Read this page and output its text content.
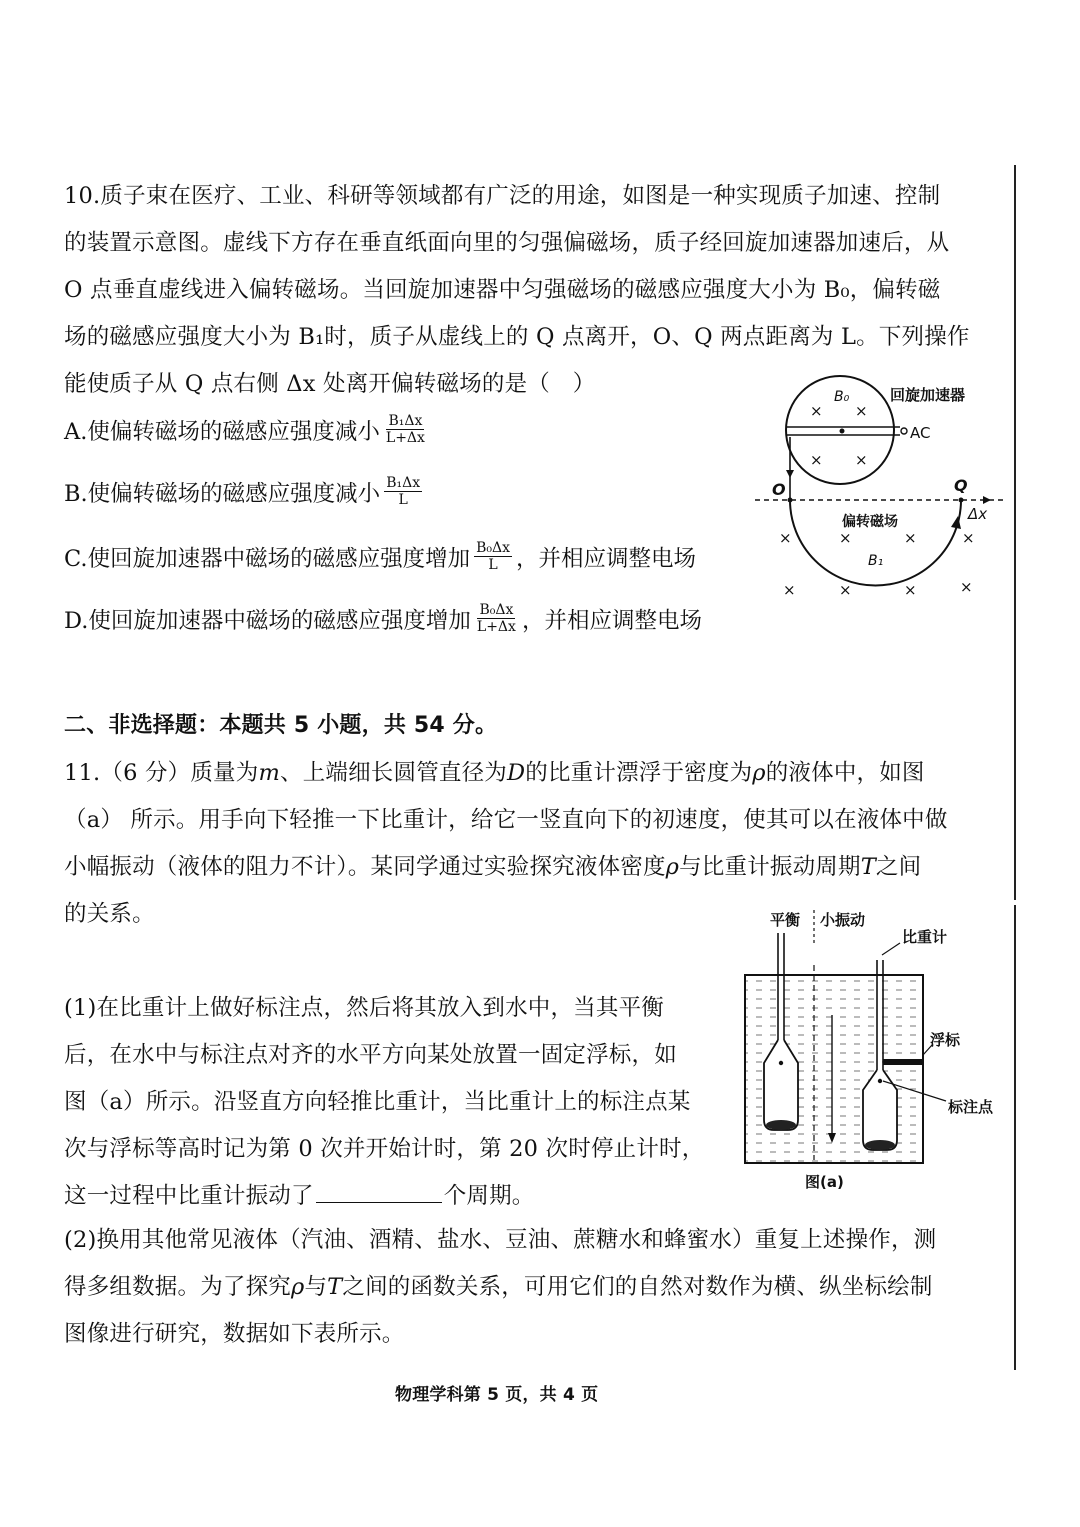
10.质子束在医疗、工业、科研等领域都有广泛的用途，如图是一种实现质子加速、控制
的装置示意图。虚线下方存在垂直纸面向里的匀强偏磁场，质子经回旋加速器加速后，从
O 点垂直虚线进入偏转磁场。当回旋加速器中匀强磁场的磁感应强度大小为 B₀，偏转磁
场的磁感应强度大小为 B₁时，质子从虚线上的 Q 点离开，O、Q 两点距离为 L。下列操作
能使质子从 Q 点右侧 Δx 处离开偏转磁场的是（　）
A.使偏转磁场的磁感应强度减小 $\frac{\text{B₁Δx}}{L+\Delta x}$
B.使偏转磁场的磁感应强度减小 $\frac{\text{B₁Δx}}{L}$
C.使回旋加速器中磁场的磁感应强度增加 $\frac{\text{B₀Δx}}{L}$ ，并相应调整电场
D.使回旋加速器中磁场的磁感应强度增加 $\frac{\text{B₀Δx}}{L+\Delta x}$ ，并相应调整电场
AC
× ×
× ×
B₀	回旋加速器
O	Q
Δx
偏转磁场
B₁
×	×	×	×
×	×	×	×
二、非选择题：本题共 5 小题，共 54 分。
11.（6 分）质量为m、上端细长圆管直径为D的比重计漂浮于密度为ρ的液体中，如图
（a） 所示。用手向下轻推一下比重计，给它一竖直向下的初速度，使其可以在液体中做
小幅振动（液体的阻力不计）。某同学通过实验探究液体密度ρ与比重计振动周期T之间
的关系。
(1)在比重计上做好标注点，然后将其放入到水中，当其平衡
后，在水中与标注点对齐的水平方向某处放置一固定浮标，如
图（a）所示。沿竖直方向轻推比重计，当比重计上的标注点某
次与浮标等高时记为第 0 次并开始计时，第 20 次时停止计时，
这一过程中比重计振动了	个周期。
(2)换用其他常见液体（汽油、酒精、盐水、豆油、蔗糖水和蜂蜜水）重复上述操作，测
得多组数据。为了探究ρ与T之间的函数关系，可用它们的自然对数作为横、纵坐标绘制
图像进行研究，数据如下表所示。
平衡 小振动
比重计
浮标
标注点
图(a)
物理学科第 5 页，共 4 页
